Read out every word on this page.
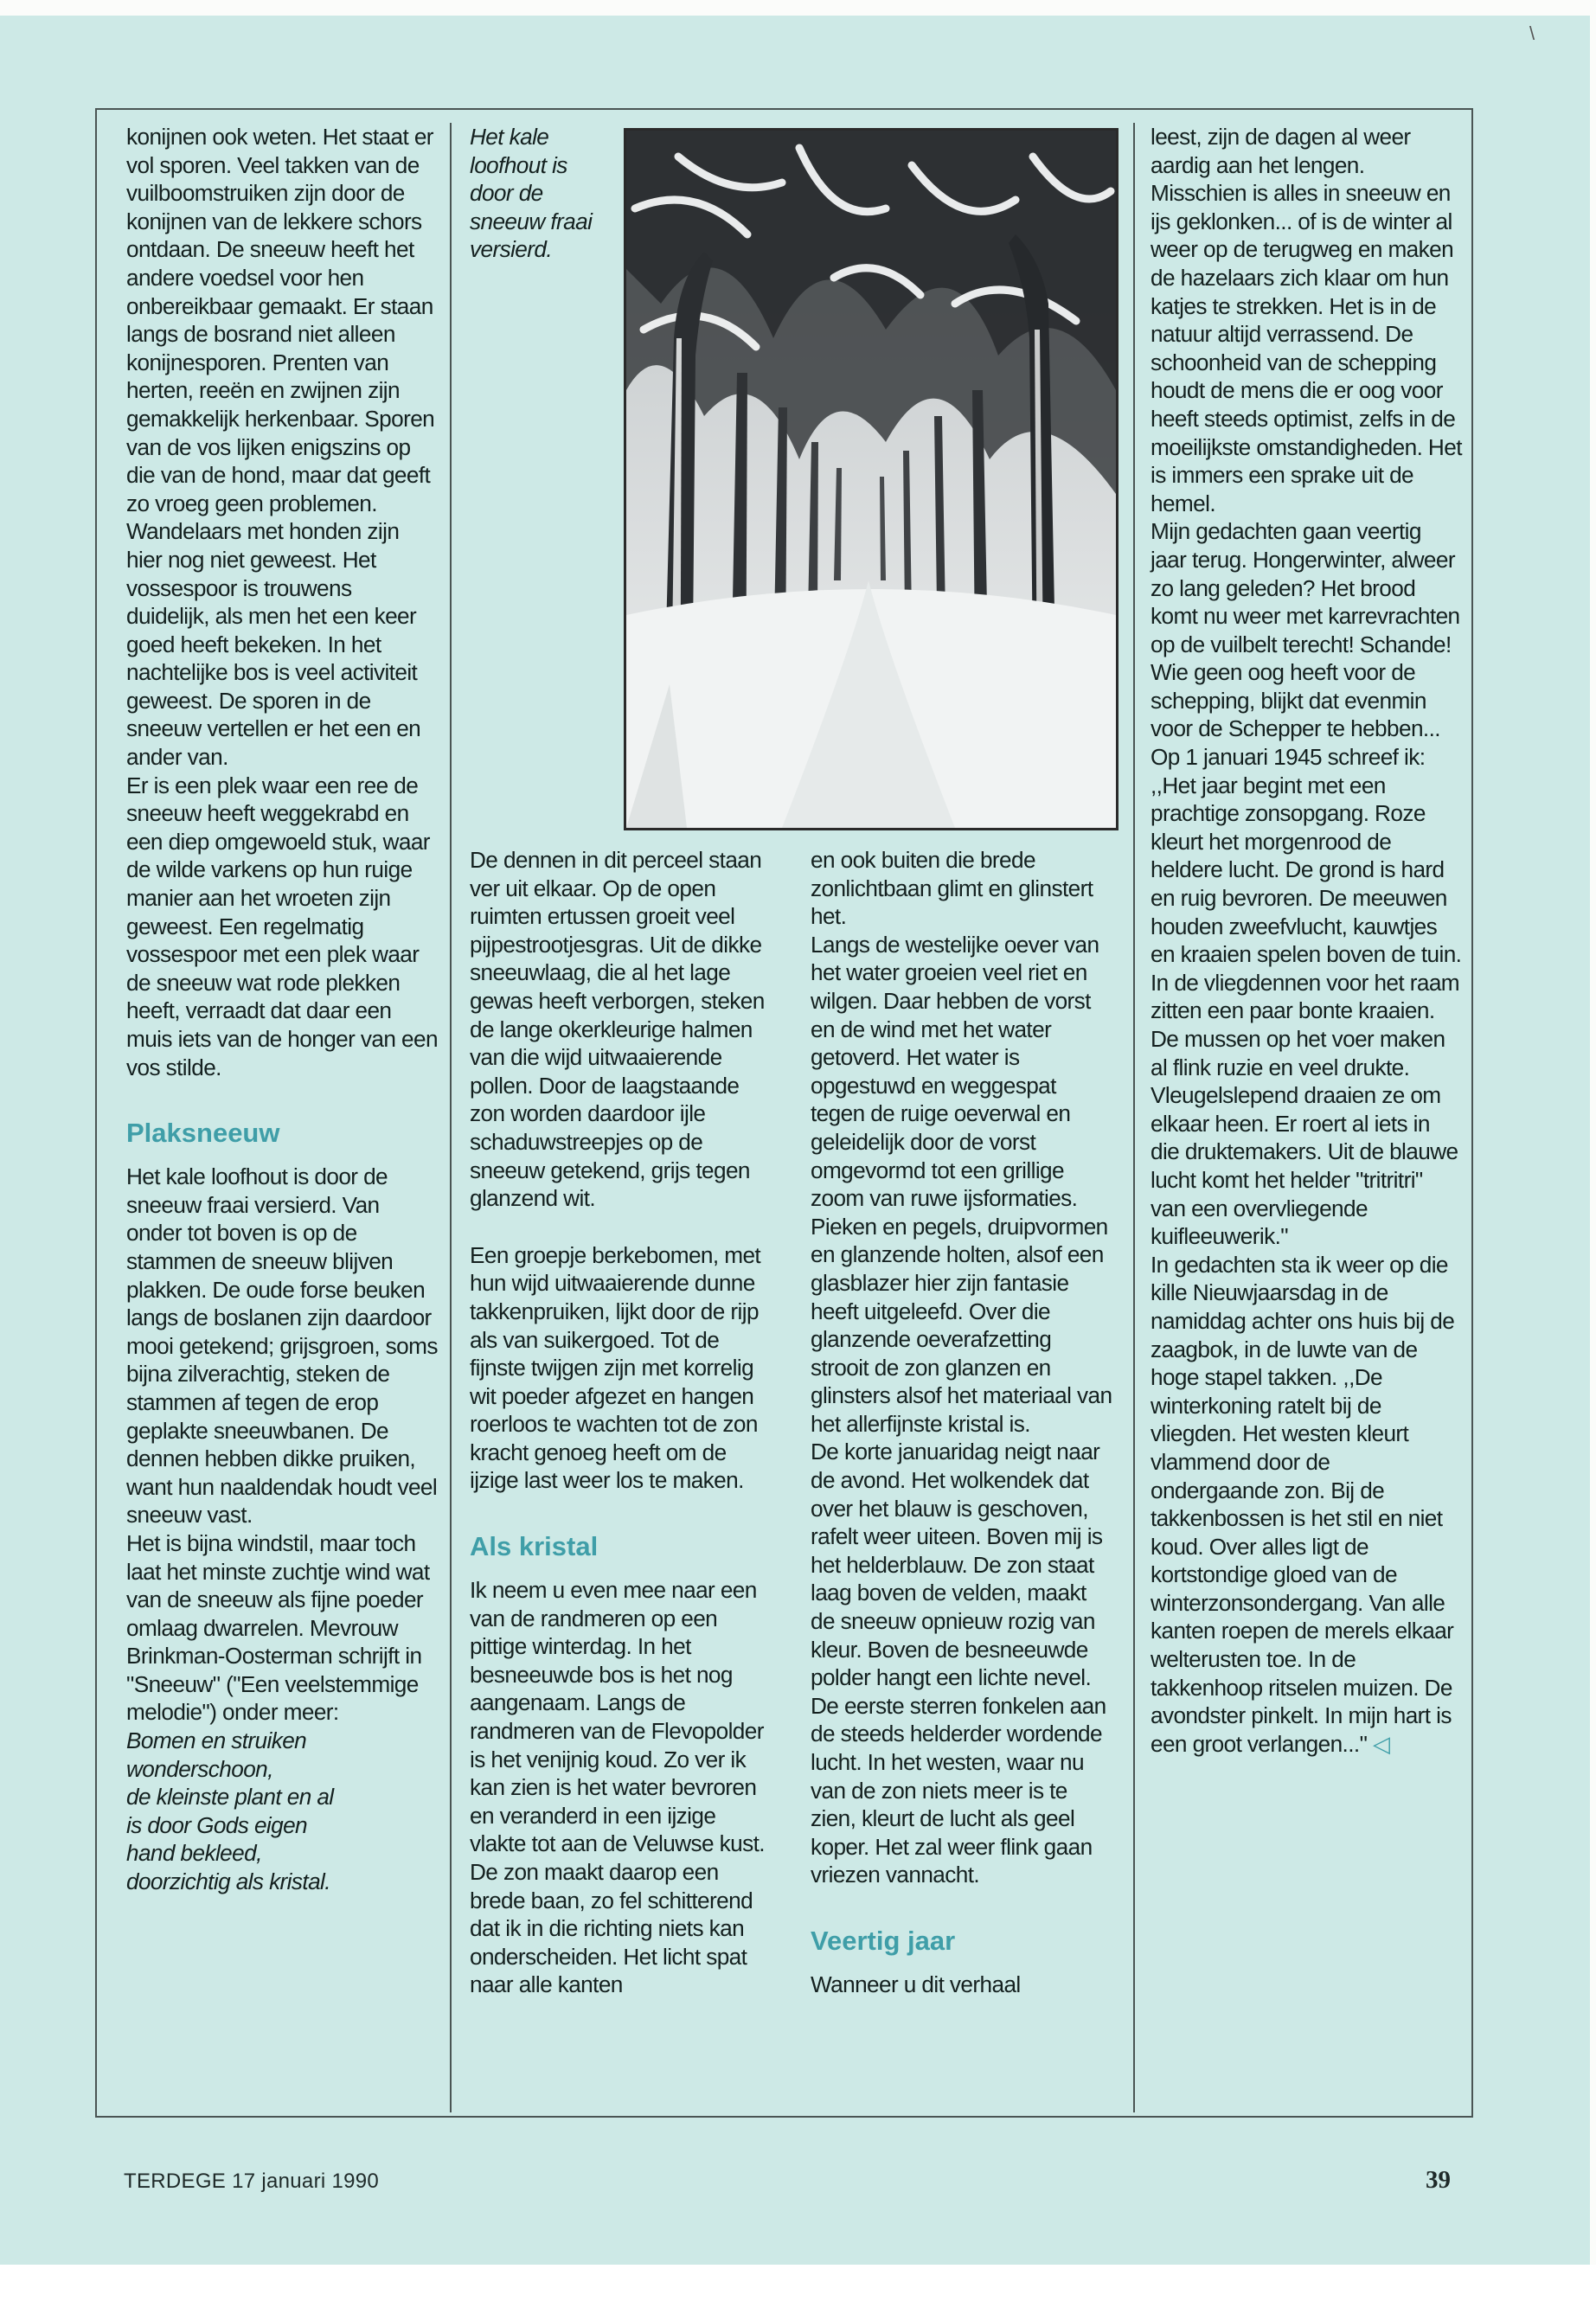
\

konijnen ook weten. Het staat er vol sporen. Veel takken van de vuilboomstruiken zijn door de konijnen van de lekkere schors ontdaan. De sneeuw heeft het andere voedsel voor hen onbereikbaar gemaakt. Er staan langs de bosrand niet alleen konijnesporen. Prenten van herten, reeën en zwijnen zijn gemakkelijk herkenbaar. Sporen van de vos lijken enigszins op die van de hond, maar dat geeft zo vroeg geen problemen. Wandelaars met honden zijn hier nog niet geweest. Het vossespoor is trouwens duidelijk, als men het een keer goed heeft bekeken. In het nachtelijke bos is veel activiteit geweest. De sporen in de sneeuw vertellen er het een en ander van.

Er is een plek waar een ree de sneeuw heeft weggekrabd en een diep omgewoeld stuk, waar de wilde varkens op hun ruige manier aan het wroeten zijn geweest. Een regelmatig vossespoor met een plek waar de sneeuw wat rode plekken heeft, verraadt dat daar een muis iets van de honger van een vos stilde.

Plaksneeuw

Het kale loofhout is door de sneeuw fraai versierd. Van onder tot boven is op de stammen de sneeuw blijven plakken. De oude forse beuken langs de boslanen zijn daardoor mooi getekend; grijsgroen, soms bijna zilverachtig, steken de stammen af tegen de erop geplakte sneeuwbanen. De dennen hebben dikke pruiken, want hun naaldendak houdt veel sneeuw vast.

Het is bijna windstil, maar toch laat het minste zuchtje wind wat van de sneeuw als fijne poeder omlaag dwarrelen. Mevrouw Brinkman-Oosterman schrijft in "Sneeuw" ("Een veelstemmige melodie") onder meer:

Bomen en struiken
wonderschoon,
de kleinste plant en al
is door Gods eigen
hand bekleed,
doorzichtig als kristal.
Het kale loofhout is door de sneeuw fraai versierd.

De dennen in dit perceel staan ver uit elkaar. Op de open ruimten ertussen groeit veel pijpestrootjesgras. Uit de dikke sneeuwlaag, die al het lage gewas heeft verborgen, steken de lange okerkleurige halmen van die wijd uitwaaierende pollen. Door de laagstaande zon worden daardoor ijle schaduwstreepjes op de sneeuw getekend, grijs tegen glanzend wit.

Een groepje berkebomen, met hun wijd uitwaaierende dunne takkenpruiken, lijkt door de rijp als van suikergoed. Tot de fijnste twijgen zijn met korrelig wit poeder afgezet en hangen roerloos te wachten tot de zon kracht genoeg heeft om de ijzige last weer los te maken.

Als kristal

Ik neem u even mee naar een van de randmeren op een pittige winterdag. In het besneeuwde bos is het nog aangenaam. Langs de randmeren van de Flevopolder is het venijnig koud. Zo ver ik kan zien is het water bevroren en veranderd in een ijzige vlakte tot aan de Veluwse kust. De zon maakt daarop een brede baan, zo fel schitterend dat ik in die richting niets kan onderscheiden. Het licht spat naar alle kanten

en ook buiten die brede zonlichtbaan glimt en glinstert het.

Langs de westelijke oever van het water groeien veel riet en wilgen. Daar hebben de vorst en de wind met het water getoverd. Het water is opgestuwd en weggespat tegen de ruige oeverwal en geleidelijk door de vorst omgevormd tot een grillige zoom van ruwe ijsformaties. Pieken en pegels, druipvormen en glanzende holten, alsof een glasblazer hier zijn fantasie heeft uitgeleefd. Over die glanzende oeverafzetting strooit de zon glanzen en glinsters alsof het materiaal van het allerfijnste kristal is.

De korte januaridag neigt naar de avond. Het wolkendek dat over het blauw is geschoven, rafelt weer uiteen. Boven mij is het helderblauw. De zon staat laag boven de velden, maakt de sneeuw opnieuw rozig van kleur. Boven de besneeuwde polder hangt een lichte nevel. De eerste sterren fonkelen aan de steeds helderder wordende lucht. In het westen, waar nu van de zon niets meer is te zien, kleurt de lucht als geel koper. Het zal weer flink gaan vriezen vannacht.

Veertig jaar

Wanneer u dit verhaal

leest, zijn de dagen al weer aardig aan het lengen. Misschien is alles in sneeuw en ijs geklonken... of is de winter al weer op de terugweg en maken de hazelaars zich klaar om hun katjes te strekken. Het is in de natuur altijd verrassend. De schoonheid van de schepping houdt de mens die er oog voor heeft steeds optimist, zelfs in de moeilijkste omstandigheden. Het is immers een sprake uit de hemel.

Mijn gedachten gaan veertig jaar terug. Hongerwinter, alweer zo lang geleden? Het brood komt nu weer met karrevrachten op de vuilbelt terecht! Schande! Wie geen oog heeft voor de schepping, blijkt dat evenmin voor de Schepper te hebben... Op 1 januari 1945 schreef ik:

,,Het jaar begint met een prachtige zonsopgang. Roze kleurt het morgenrood de heldere lucht. De grond is hard en ruig bevroren. De meeuwen houden zweefvlucht, kauwtjes en kraaien spelen boven de tuin. In de vliegdennen voor het raam zitten een paar bonte kraaien. De mussen op het voer maken al flink ruzie en veel drukte. Vleugelslepend draaien ze om elkaar heen. Er roert al iets in die druktemakers. Uit de blauwe lucht komt het helder "tritritri" van een overvliegende kuifleeuwerik."

In gedachten sta ik weer op die kille Nieuwjaarsdag in de namiddag achter ons huis bij de zaagbok, in de luwte van de hoge stapel takken. ,,De winterkoning ratelt bij de vliegden. Het westen kleurt vlammend door de ondergaande zon. Bij de takkenbossen is het stil en niet koud. Over alles ligt de kortstondige gloed van de winterzonsondergang. Van alle kanten roepen de merels elkaar welterusten toe. In de takkenhoop ritselen muizen. De avondster pinkelt. In mijn hart is een groot verlangen..." ◁

TERDEGE 17 januari 1990	39
